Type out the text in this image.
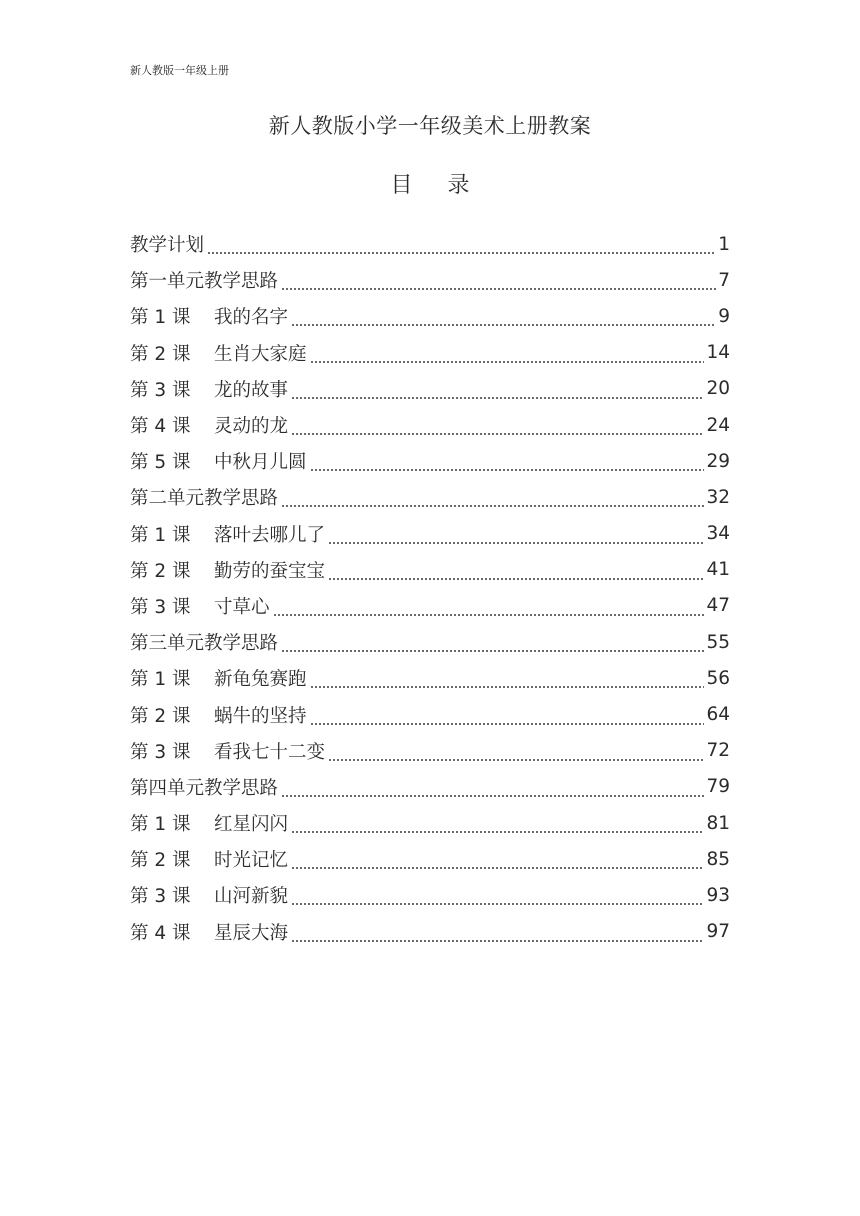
新人教版一年级上册
新人教版小学一年级美术上册教案
目 录
教学计划	1
第一单元教学思路	7
第 1 课    我的名字	9
第 2 课    生肖大家庭	14
第 3 课    龙的故事	20
第 4 课    灵动的龙	24
第 5 课    中秋月儿圆	29
第二单元教学思路	32
第 1 课    落叶去哪儿了	34
第 2 课    勤劳的蚕宝宝	41
第 3 课    寸草心	47
第三单元教学思路	55
第 1 课    新龟兔赛跑	56
第 2 课    蜗牛的坚持	64
第 3 课    看我七十二变	72
第四单元教学思路	79
第 1 课    红星闪闪	81
第 2 课    时光记忆	85
第 3 课    山河新貌	93
第 4 课    星辰大海	97
